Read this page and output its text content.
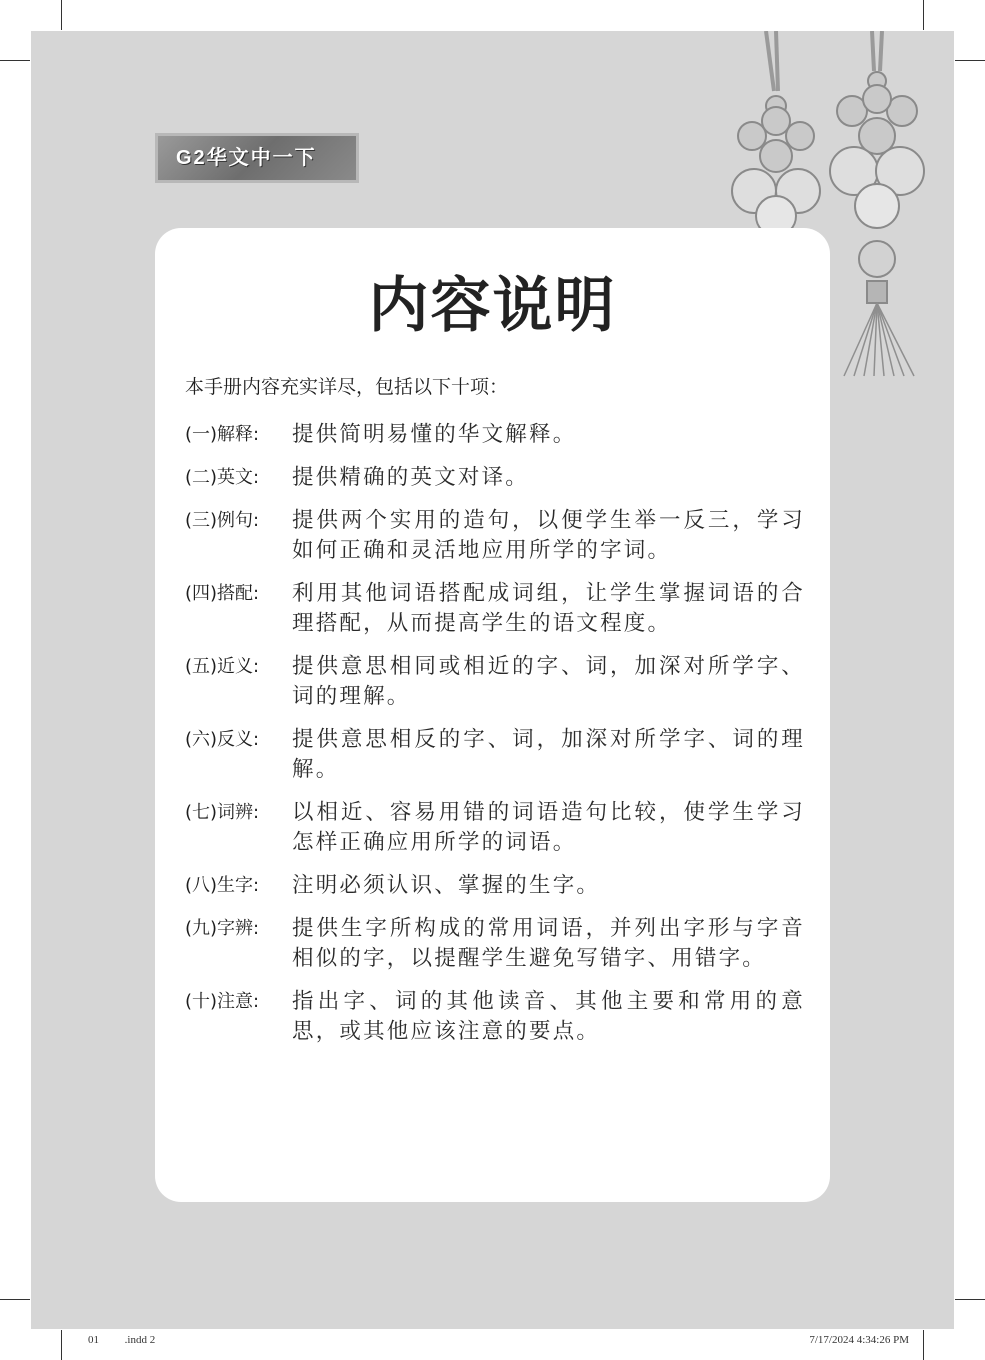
G2华文中一下
内容说明
本手册内容充实详尽，包括以下十项：
(一)解释:	提供简明易懂的华文解释。
(二)英文:	提供精确的英文对译。
(三)例句:	提供两个实用的造句，以便学生举一反三，学习如何正确和灵活地应用所学的字词。
(四)搭配:	利用其他词语搭配成词组，让学生掌握词语的合理搭配，从而提高学生的语文程度。
(五)近义:	提供意思相同或相近的字、词，加深对所学字、词的理解。
(六)反义:	提供意思相反的字、词，加深对所学字、词的理解。
(七)词辨:	以相近、容易用错的词语造句比较，使学生学习怎样正确应用所学的词语。
(八)生字:	注明必须认识、掌握的生字。
(九)字辨:	提供生字所构成的常用词语，并列出字形与字音相似的字，以提醒学生避免写错字、用错字。
(十)注意:	指出字、词的其他读音、其他主要和常用的意思，或其他应该注意的要点。
01   .indd 2	7/17/2024 4:34:26 PM
